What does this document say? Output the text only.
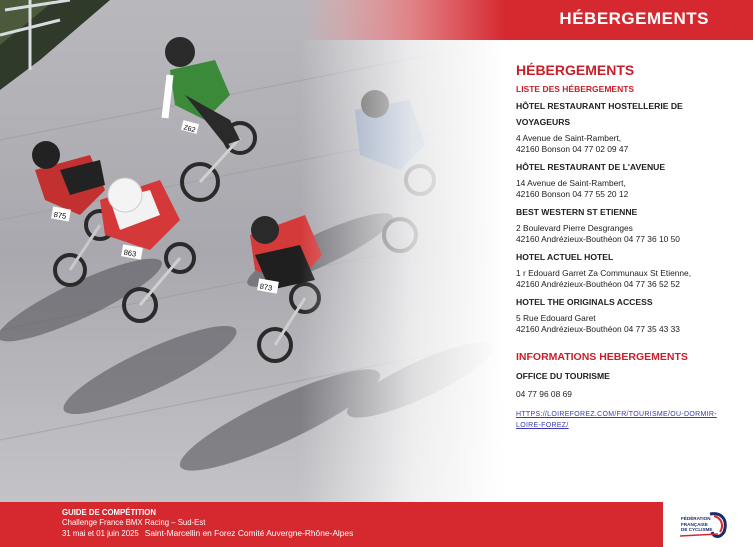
Z62
875
863
873
HÉBERGEMENTS
HÉBERGEMENTS
LISTE DES HÉBERGEMENTS
HÔTEL RESTAURANT HOSTELLERIE DE
VOYAGEURS
4 Avenue de Saint-Rambert,
42160 Bonson 04 77 02 09 47
HÔTEL RESTAURANT DE L'AVENUE
14 Avenue de Saint-Rambert,
42160 Bonson 04 77 55 20 12
BEST WESTERN ST ETIENNE
2 Boulevard Pierre Desgranges
42160 Andrézieux-Bouthéon 04 77 36 10 50
HOTEL ACTUEL HOTEL
1 r Edouard Garret Za Communaux St Etienne,
42160 Andrézieux-Bouthéon 04 77 36 52 52
HOTEL THE ORIGINALS ACCESS
5 Rue Edouard Garet
42160 Andrézieux-Bouthéon 04 77 35 43 33
INFORMATIONS HEBERGEMENTS
OFFICE DU TOURISME
04 77 96 08 69
HTTPS://LOIREFOREZ.COM/FR/TOURISME/OU-DORMIR-
LOIRE-FOREZ/
GUIDE DE COMPÉTITION
Challenge France BMX Racing – Sud-Est
31 mai et 01 juin 2025 Saint-Marcellin en Forez Comité Auvergne-Rhône-Alpes
FÉDÉRATION
FRANÇAISE
DE CYCLISME
